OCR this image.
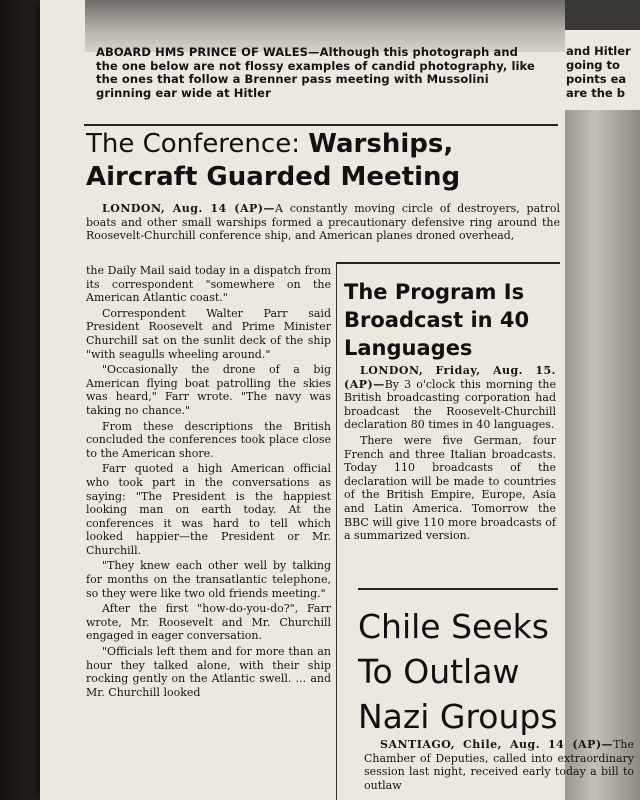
ABOARD HMS PRINCE OF WALES—Although this photograph and the one below are not flossy examples of candid photography, like the ones that follow a Brenner pass meeting with Mussolini grinning ear wide at Hitler
and Hitler
going to
points ea
are the b
The Conference: Warships, Aircraft Guarded Meeting

LONDON, Aug. 14 (AP)—A constantly moving circle of destroyers, patrol boats and other small warships formed a precautionary defensive ring around the Roosevelt-Churchill conference ship, and American planes droned overhead,

the Daily Mail said today in a dispatch from its correspondent "somewhere on the American Atlantic coast."

Correspondent Walter Parr said President Roosevelt and Prime Minister Churchill sat on the sunlit deck of the ship "with seagulls wheeling around."

"Occasionally the drone of a big American flying boat patrolling the skies was heard," Farr wrote. "The navy was taking no chance."

From these descriptions the British concluded the conferences took place close to the American shore.

Farr quoted a high American official who took part in the conversations as saying: "The President is the happiest looking man on earth today. At the conferences it was hard to tell which looked happier—the President or Mr. Churchill.

"They knew each other well by talking for months on the transatlantic telephone, so they were like two old friends meeting."

After the first "how-do-you-do?", Farr wrote, Mr. Roosevelt and Mr. Churchill engaged in eager conversation.

"Officials left them and for more than an hour they talked alone, with their ship rocking gently on the Atlantic swell. ... and Mr. Churchill looked

The Program Is Broadcast in 40 Languages

LONDON, Friday, Aug. 15. (AP)—By 3 o'clock this morning the British broadcasting corporation had broadcast the Roosevelt-Churchill declaration 80 times in 40 languages.

There were five German, four French and three Italian broadcasts. Today 110 broadcasts of the declaration will be made to countries of the British Empire, Europe, Asia and Latin America. Tomorrow the BBC will give 110 more broadcasts of a summarized version.

Chile Seeks To Outlaw Nazi Groups

SANTIAGO, Chile, Aug. 14 (AP)—The Chamber of Deputies, called into extraordinary session last night, received early today a bill to outlaw
